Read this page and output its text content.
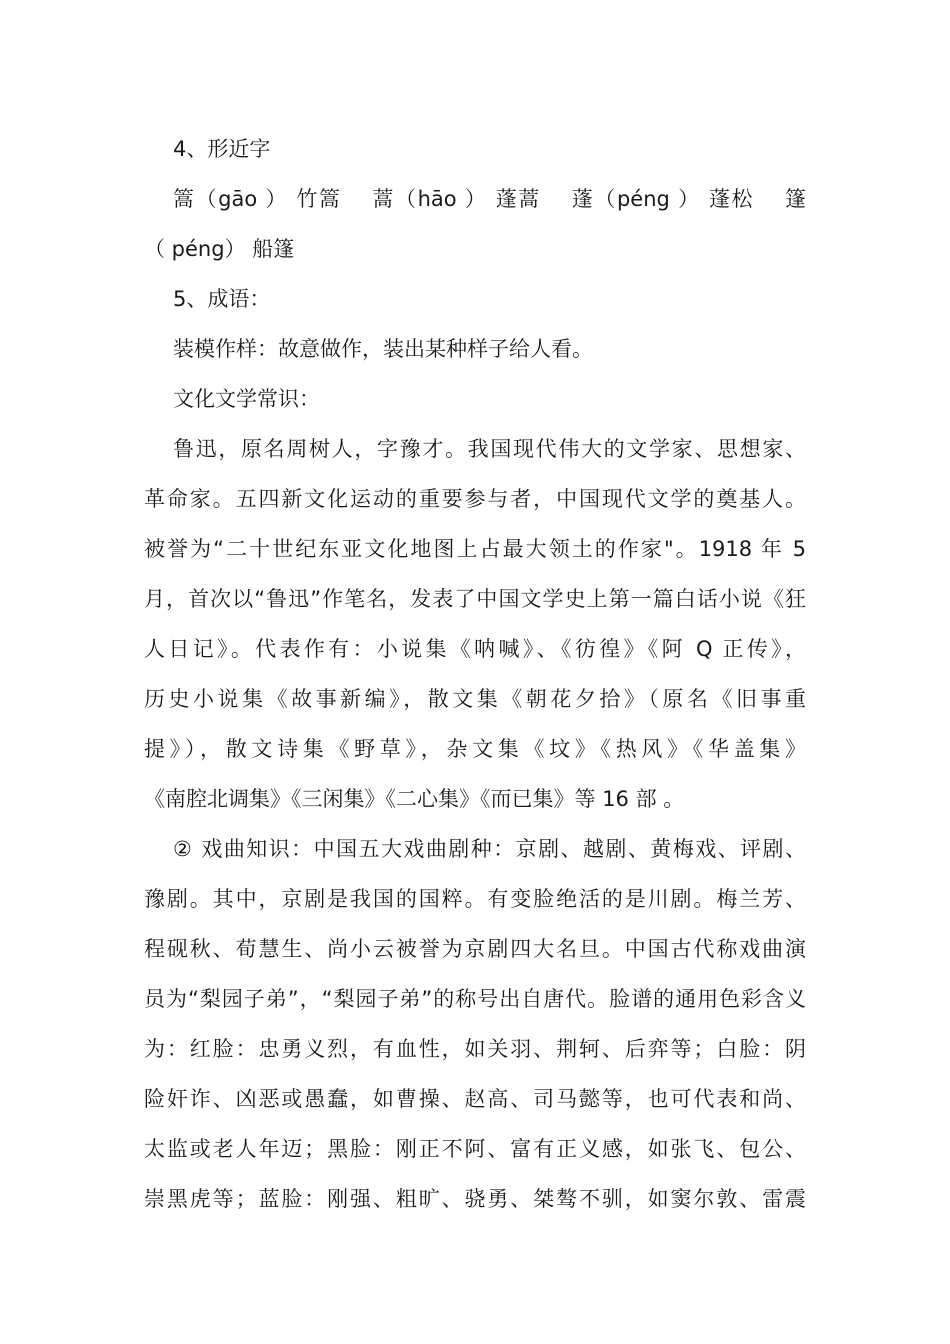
4、形近字

篙（gāo ） 竹篙　 蒿（hāo ） 蓬蒿　 蓬（péng ） 蓬松　 篷
（ péng） 船篷

5、成语：

装模作样：故意做作，装出某种样子给人看。

文化文学常识：

鲁迅，原名周树人，字豫才。我国现代伟大的文学家、思想家、
革命家。五四新文化运动的重要参与者，中国现代文学的奠基人。
被誉为“二十世纪东亚文化地图上占最大领土的作家"。1918 年 5
月，首次以“鲁迅”作笔名，发表了中国文学史上第一篇白话小说《狂
人日记》。代表作有：小说集《呐喊》、《彷徨》《阿 Q 正传》，
历史小说集《故事新编》，散文集《朝花夕拾》（原名《旧事重
提》），散文诗集《野草》，杂文集《坟》《热风》《华盖集》
《南腔北调集》《三闲集》《二心集》《而已集》等 16 部 。

② 戏曲知识：中国五大戏曲剧种：京剧、越剧、黄梅戏、评剧、
豫剧。其中，京剧是我国的国粹。有变脸绝活的是川剧。梅兰芳、
程砚秋、荀慧生、尚小云被誉为京剧四大名旦。中国古代称戏曲演
员为“梨园子弟”，“梨园子弟”的称号出自唐代。脸谱的通用色彩含义
为：红脸：忠勇义烈，有血性，如关羽、荆轲、后弈等；白脸：阴
险奸诈、凶恶或愚蠢，如曹操、赵高、司马懿等，也可代表和尚、
太监或老人年迈；黑脸：刚正不阿、富有正义感，如张飞、包公、
崇黑虎等；蓝脸：刚强、粗旷、骁勇、桀骜不驯，如窦尔敦、雷震
